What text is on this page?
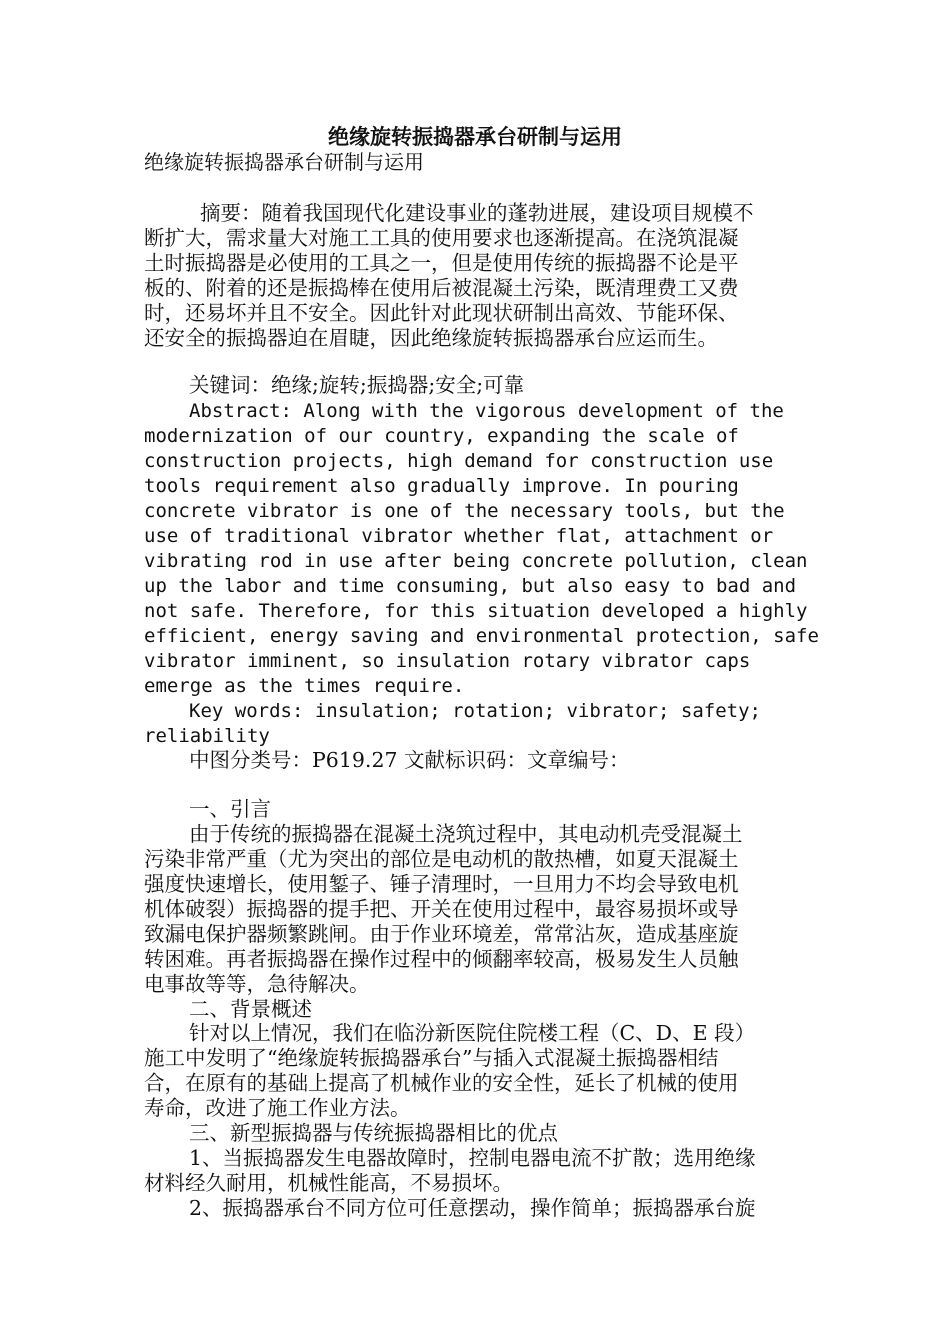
绝缘旋转振捣器承台研制与运用
绝缘旋转振捣器承台研制与运用
摘要：随着我国现代化建设事业的蓬勃进展，建设项目规模不
断扩大，需求量大对施工工具的使用要求也逐渐提高。在浇筑混凝
土时振捣器是必使用的工具之一，但是使用传统的振捣器不论是平
板的、附着的还是振捣棒在使用后被混凝土污染，既清理费工又费
时，还易坏并且不安全。因此针对此现状研制出高效、节能环保、
还安全的振捣器迫在眉睫，因此绝缘旋转振捣器承台应运而生。
关键词：绝缘;旋转;振捣器;安全;可靠
Abstract: Along with the vigorous development of the
modernization of our country, expanding the scale of
construction projects, high demand for construction use
tools requirement also gradually improve. In pouring
concrete vibrator is one of the necessary tools, but the
use of traditional vibrator whether flat, attachment or
vibrating rod in use after being concrete pollution, clean
up the labor and time consuming, but also easy to bad and
not safe. Therefore, for this situation developed a highly
efficient, energy saving and environmental protection, safe
vibrator imminent, so insulation rotary vibrator caps
emerge as the times require.
Key words: insulation; rotation; vibrator; safety;
reliability
中图分类号：P619.27 文献标识码：文章编号：
一、引言
由于传统的振捣器在混凝土浇筑过程中，其电动机壳受混凝土
污染非常严重（尤为突出的部位是电动机的散热槽，如夏天混凝土
强度快速增长，使用錾子、锤子清理时，一旦用力不均会导致电机
机体破裂）振捣器的提手把、开关在使用过程中，最容易损坏或导
致漏电保护器频繁跳闸。由于作业环境差，常常沾灰，造成基座旋
转困难。再者振捣器在操作过程中的倾翻率较高，极易发生人员触
电事故等等，急待解决。
二、背景概述
针对以上情况，我们在临汾新医院住院楼工程（C、D、E 段）
施工中发明了“绝缘旋转振捣器承台”与插入式混凝土振捣器相结
合，在原有的基础上提高了机械作业的安全性，延长了机械的使用
寿命，改进了施工作业方法。
三、新型振捣器与传统振捣器相比的优点
1、当振捣器发生电器故障时，控制电器电流不扩散；选用绝缘
材料经久耐用，机械性能高，不易损坏。
2、振捣器承台不同方位可任意摆动，操作简单；振捣器承台旋
